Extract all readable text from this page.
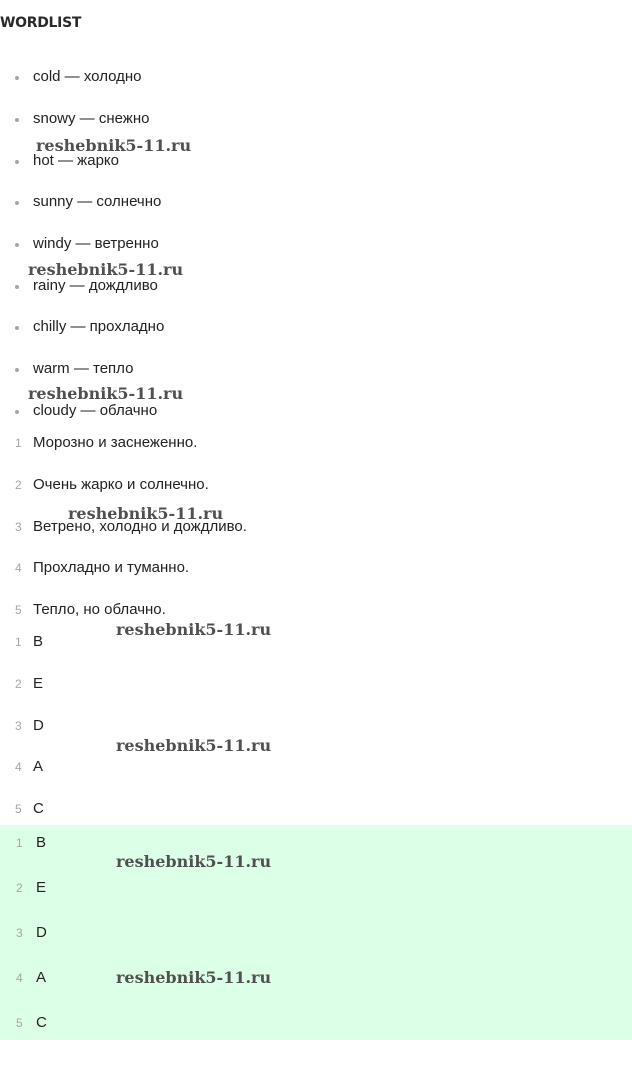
WORDLIST
cold — холодно
snowy — снежно
hot — жарко
sunny — солнечно
windy — ветренно
rainy — дождливо
chilly — прохладно
warm — тепло
cloudy — облачно
1 Морозно и заснеженно.
2 Очень жарко и солнечно.
3 Ветрено, холодно и дождливо.
4 Прохладно и туманно.
5 Тепло, но облачно.
1 B
2 E
3 D
4 A
5 C
1 B
2 E
3 D
4 A
5 C
reshebnik5-11.ru
reshebnik5-11.ru
reshebnik5-11.ru
reshebnik5-11.ru
reshebnik5-11.ru
reshebnik5-11.ru
reshebnik5-11.ru
reshebnik5-11.ru
